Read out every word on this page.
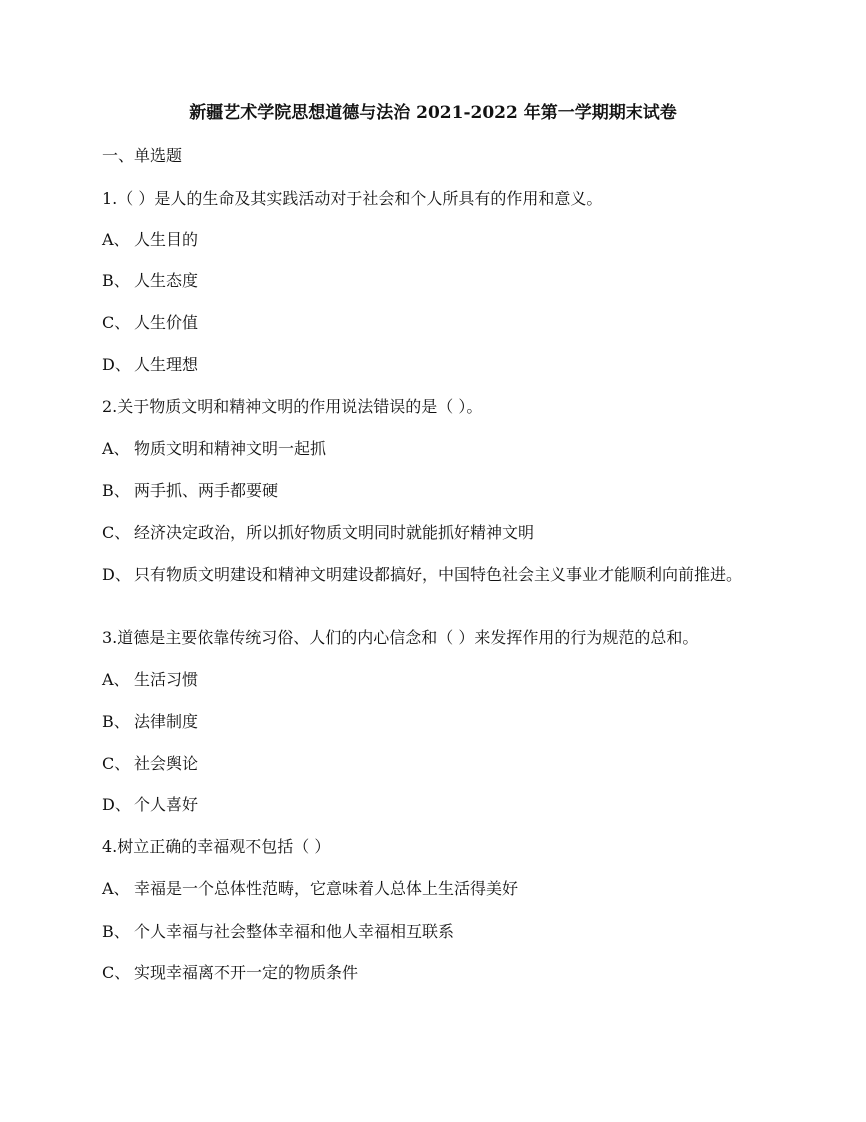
新疆艺术学院思想道德与法治 2021-2022 年第一学期期末试卷
一、单选题
1.（ ）是人的生命及其实践活动对于社会和个人所具有的作用和意义。
A、 人生目的
B、 人生态度
C、 人生价值
D、 人生理想
2.关于物质文明和精神文明的作用说法错误的是（ ）。
A、 物质文明和精神文明一起抓
B、 两手抓、两手都要硬
C、 经济决定政治，所以抓好物质文明同时就能抓好精神文明
D、 只有物质文明建设和精神文明建设都搞好，中国特色社会主义事业才能顺利向前推进。
3.道德是主要依靠传统习俗、人们的内心信念和（ ）来发挥作用的行为规范的总和。
A、 生活习惯
B、 法律制度
C、 社会舆论
D、 个人喜好
4.树立正确的幸福观不包括（ ）
A、 幸福是一个总体性范畴，它意味着人总体上生活得美好
B、 个人幸福与社会整体幸福和他人幸福相互联系
C、 实现幸福离不开一定的物质条件
